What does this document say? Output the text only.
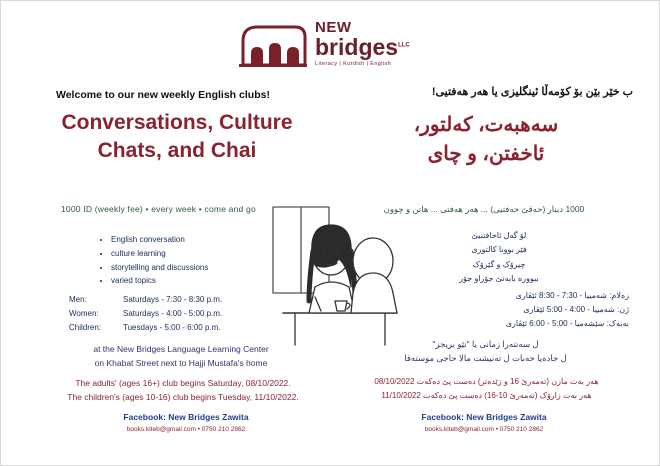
NEW
bridges$^{LLC}$
Literacy | Kurdish | English
Welcome to our new weekly English clubs!
Conversations, Culture
Chats, and Chai
1000 ID (weekly fee) • every week • come and go
• English conversation
• culture learning
• storytelling and discussions
• varied topics
Men:	Saturdays - 7:30 - 8:30 p.m.
Women:	Saturdays - 4:00 - 5:00 p.m.
Children:	Tuesdays - 5:00 - 6:00 p.m.
at the New Bridges Language Learning Center
on Khabat Street next to Hajji Mustafa's home
The adults' (ages 16+) club begins Saturday, 08/10/2022.
The children's (ages 10-16) club begins Tuesday, 11/10/2022.
Facebook: New Bridges Zawita
books.kiteb@gmail.com • 0750 210 2862
ب خێر بێن بۆ کۆمەڵا ئینگلیزی یا هەر هەفتیی!
سەهبەت، کەلتور،
ئاخفتن، و چای
1000 دینار (حەقێ حەفتیی) ... هەر هەفتی ... هاتن و چوون
لۆ گەل ئاخافتنیێ
فێر بوونا کالتوری
چیرۆک و گێرۆک
ببوورە بابەتێ جۆراو جۆر
زەلام: شەمییا - 7:30 - 8:30 ئێڤاری
ژن: شەمییا - 4:00 - 5:00 ئێڤاری
بەبەک: سێشەمیا - 5:00 - 6:00 ئێڤاری
ل سەنتەرا زمانی یا "نێو بریجز"
ل جادەیا خەبات ل تەنیشت مالا حاجی موستەفا
هەر بەت مازن (تەمەرێ 16 و زێدەتر) دەست پێ دەکەت 08/10/2022
هەر بەت زارۆک (تەمەرێ 10-16) دەست پێ دەکەت 11/10/2022
Facebook: New Bridges Zawita
books.kiteb@gmail.com • 0750 210 2862
